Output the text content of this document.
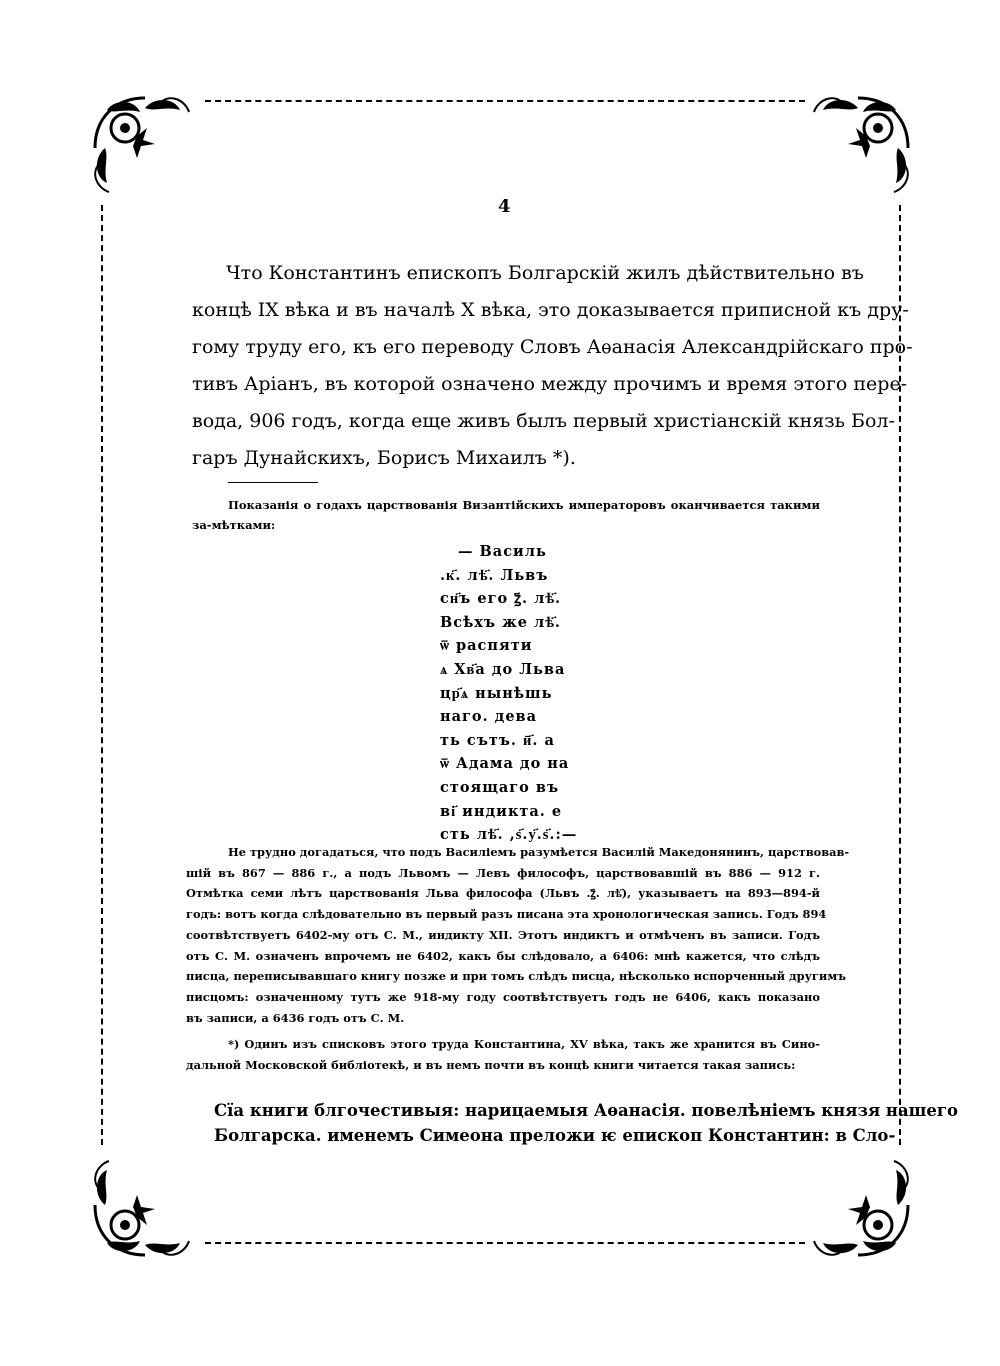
4
Что Константинъ епископъ Болгарскій жилъ дѣйствительно въ
концѣ IX вѣка и въ началѣ X вѣка, это доказывается приписной къ дру-
гому труду его, къ его переводу Словъ Аѳанасія Александрійскаго про-
тивъ Аріанъ, въ которой означено между прочимъ и время этого пере-
вода, 906 годъ, когда еще живъ былъ первый христіанскій князь Бол-
гаръ Дунайскихъ, Борисъ Михаилъ *).
Показанія о годахъ царствованія Византійскихъ императоровъ оканчивается такими за-мѣтками:
— Василь
.к҃. лѣ҃. Львъ
сн҃ъ его ꙁ҃. лѣ҃.
Всѣхъ же лѣ҃.
ѿ распяти
ѧ Хв҃а до Льва
цр҃ѧ нынѣшь
наго. дева
ть сътъ. ӣ҃. а
ѿ Адама до на
стоящаго въ
ві҃ индикта. е
сть лѣ҃. ,ѕ҃.у҃.ѕ҃.:—
Не трудно догадаться, что подъ Василіемъ разумѣется Василій Македонянинъ, царствовав-
шій въ 867 — 886 г., а подъ Львомъ — Левъ философъ, царствовавшій въ 886 — 912 г.
Отмѣтка семи лѣтъ царствованія Льва философа (Львъ .ꙁ҃. лѣ҃), указываетъ на 893—894-й
годъ: вотъ когда слѣдовательно въ первый разъ писана эта хронологическая запись. Годъ 894
соотвѣтствуетъ 6402-му отъ С. М., индикту XII. Этотъ индиктъ и отмѣченъ въ записи. Годъ
отъ С. М. означенъ впрочемъ не 6402, какъ бы слѣдовало, а 6406: мнѣ кажется, что слѣдъ
писца, переписывавшаго книгу позже и при томъ слѣдъ писца, нѣсколько испорченный другимъ
писцомъ: означенному тутъ же 918-му году соотвѣтствуетъ годъ не 6406, какъ показано
въ записи, а 6436 годъ отъ С. М.
*) Одинъ изъ списковъ этого труда Константина, XV вѣка, такъ же хранится въ Сино-
дальной Московской библіотекѣ, и въ немъ почти въ концѣ книги читается такая запись:
Сїа книги блгочестивыя: нарицаемыя Аѳанасія. повелѣніемъ князя нашего
Болгарска. именемъ Симеона преложи ѥ епископ Константин: в Сло-
